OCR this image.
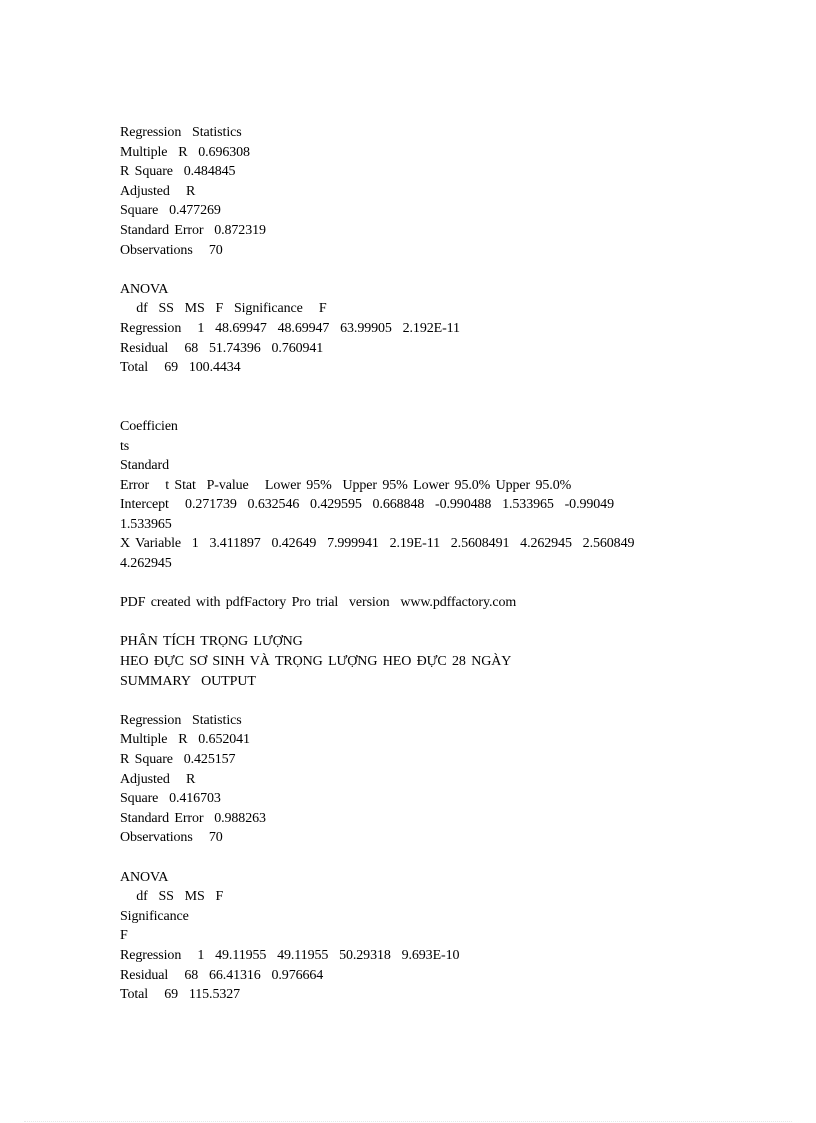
Regression  Statistics
Multiple  R  0.696308
R Square  0.484845
Adjusted   R
Square  0.477269
Standard Error  0.872319
Observations   70
ANOVA
df  SS  MS  F  Significance   F
Regression   1  48.69947  48.69947  63.99905  2.192E-11
Residual   68  51.74396  0.760941
Total   69  100.4434
Coefficien
ts
Standard
Error   t Stat  P-value   Lower 95%  Upper 95% Lower 95.0% Upper 95.0%
Intercept   0.271739  0.632546  0.429595  0.668848  -0.990488  1.533965  -0.99049
1.533965
X Variable  1  3.411897  0.42649  7.999941  2.19E-11  2.5608491  4.262945  2.560849
4.262945
PDF created with pdfFactory Pro trial  version  www.pdffactory.com
PHÂN TÍCH TRỌNG LƯỢNG
HEO ĐỰC SƠ SINH VÀ TRỌNG LƯỢNG HEO ĐỰC 28 NGÀY
SUMMARY  OUTPUT
Regression  Statistics
Multiple  R  0.652041
R Square  0.425157
Adjusted   R
Square  0.416703
Standard Error  0.988263
Observations   70
ANOVA
df  SS  MS  F
Significance
F
Regression   1  49.11955  49.11955  50.29318  9.693E-10
Residual   68  66.41316  0.976664
Total   69  115.5327
